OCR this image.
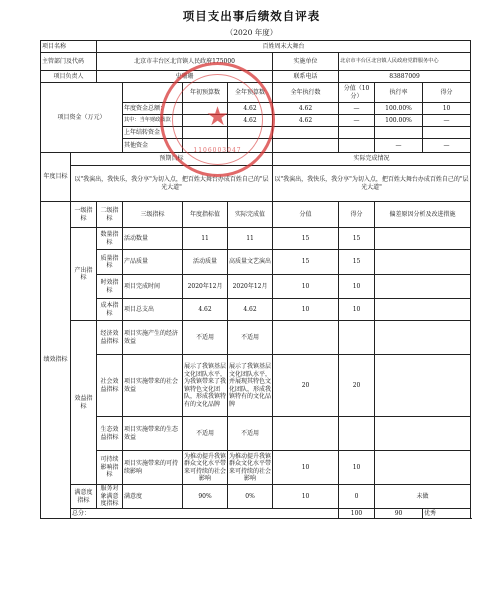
项目支出事后绩效自评表
（2020 年度）
项目名称		百姓周末大舞台							
主管部门及代码		北京市丰台区北宫镇人民政府175000				实施单位	北京市丰台区北宫镇人民政府党群服务中心		
项目负责人		史珊珊				联系电话	83887009		
项目资金（万元）				年初预算数	全年预算数	全年执行数	分值（10分）	执行率	得分
			年度资金总额：		4.62	4.62	—	100.00%	10
			其中：当年财政拨款		4.62	4.62	—	100.00%	—
			上年结转资金						
			其他资金					—	—
年度目标	预期目标					实际完成情况			
	以"我演出，我快乐，我分享"为切入点，把百姓大舞台办成百姓自己的"层光大道"					以"我演出，我快乐，我分享"为切入点，把百姓大舞台办成百姓自己的"层光大道"			
绩效指标	一级指标	二级指标	三级指标	年度指标值	实际完成值	分值	得分	偏差原因分析及改进措施	
	产出指标	数量指标	活动数量	11	11	15	15		
		质量指标	产品质量	活动质量	高质量文艺演出	15	15		
		时效指标	项目完成时间	2020年12月	2020年12月	10	10		
		成本指标	项目总支出	4.62	4.62	10	10		
	效益指标	经济效益指标	项目实施产生的经济效益	不适用	不适用				
		社会效益指标	项目实施带来的社会效益	展示了我镇基层文化团队水平，为我镇带来了我镇特色文化团队，形成我镇特有的文化品牌	展示了我镇基层文化团队水平，并展现其特色文化团队，形成我镇特有的文化品牌	20	20		
		生态效益指标	项目实施带来的生态效益	不适用	不适用				
		可持续影响指标	项目实施带来的可持续影响	为推动提升我镇群众文化水平带来可持续的社会影响	为推动提升我镇群众文化水平带来可持续的社会影响	10	10		
	满意度指标	服务对象满意度指标	满意度	90%	0%	10	0	未做	
	总分：						100	90	优秀
★
1106003047
